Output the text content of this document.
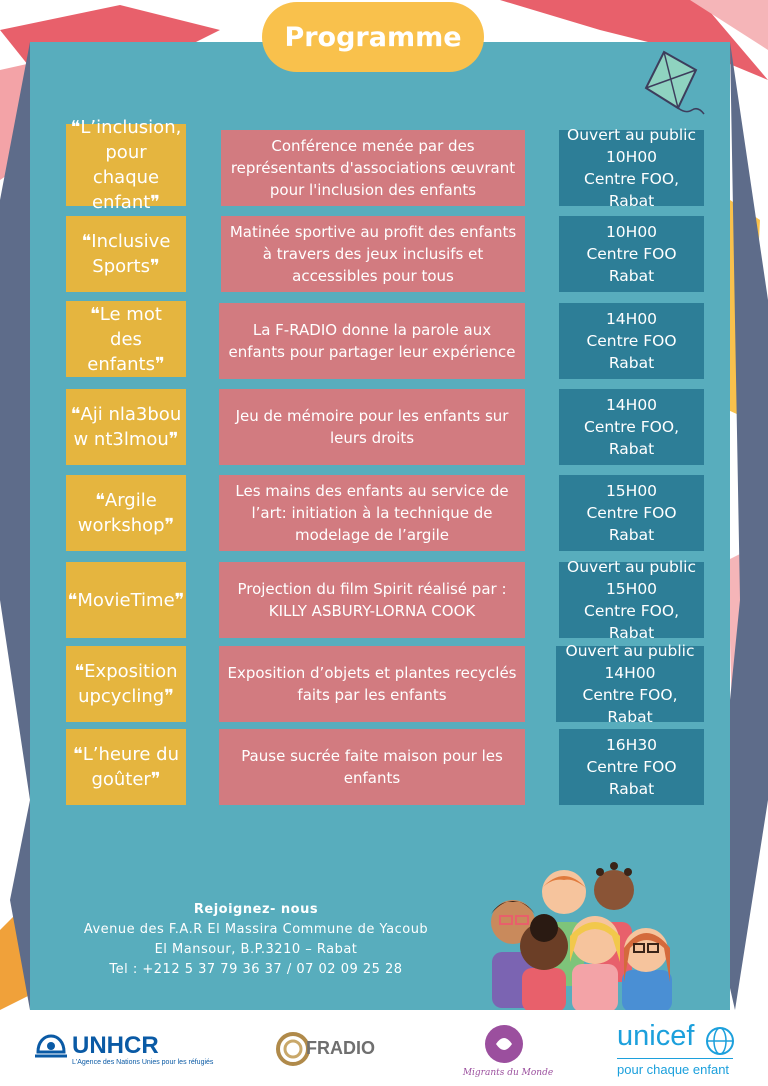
Programme
❝L’inclusion,
pour chaque
enfant❞
Conférence menée par des
représentants d'associations œuvrant
pour l'inclusion des enfants
Ouvert au public
10H00
Centre FOO, Rabat
❝Inclusive
Sports❞
Matinée sportive au profit des enfants
à travers des jeux inclusifs et
accessibles pour tous
10H00
Centre FOO
Rabat
❝Le mot
des enfants❞
La F-RADIO donne la parole aux
enfants pour partager leur expérience
14H00
Centre FOO
Rabat
❝Aji nla3bou
w nt3lmou❞
Jeu de mémoire pour les enfants sur
leurs droits
14H00
Centre FOO,
Rabat
❝Argile
workshop❞
Les mains des enfants au service de
l’art: initiation à la technique de
modelage de l’argile
15H00
Centre FOO
Rabat
❝MovieTime❞
Projection du film Spirit réalisé par :
KILLY ASBURY-LORNA COOK
Ouvert au public
15H00
Centre FOO, Rabat
❝Exposition
upcycling❞
Exposition d’objets et plantes recyclés
faits par les enfants
Ouvert au public
14H00
Centre FOO, Rabat
❝L’heure du
goûter❞
Pause sucrée faite maison pour les
enfants
16H30
Centre FOO
Rabat
Rejoignez- nous
Avenue des F.A.R El Massira Commune de Yacoub
El Mansour, B.P.3210 – Rabat
Tel : +212 5 37 79 36 37 / 07 02 09 25 28
UNHCR
L'Agence des Nations Unies pour les réfugiés
FRADIO
Migrants du Monde
unicef
pour chaque enfant
